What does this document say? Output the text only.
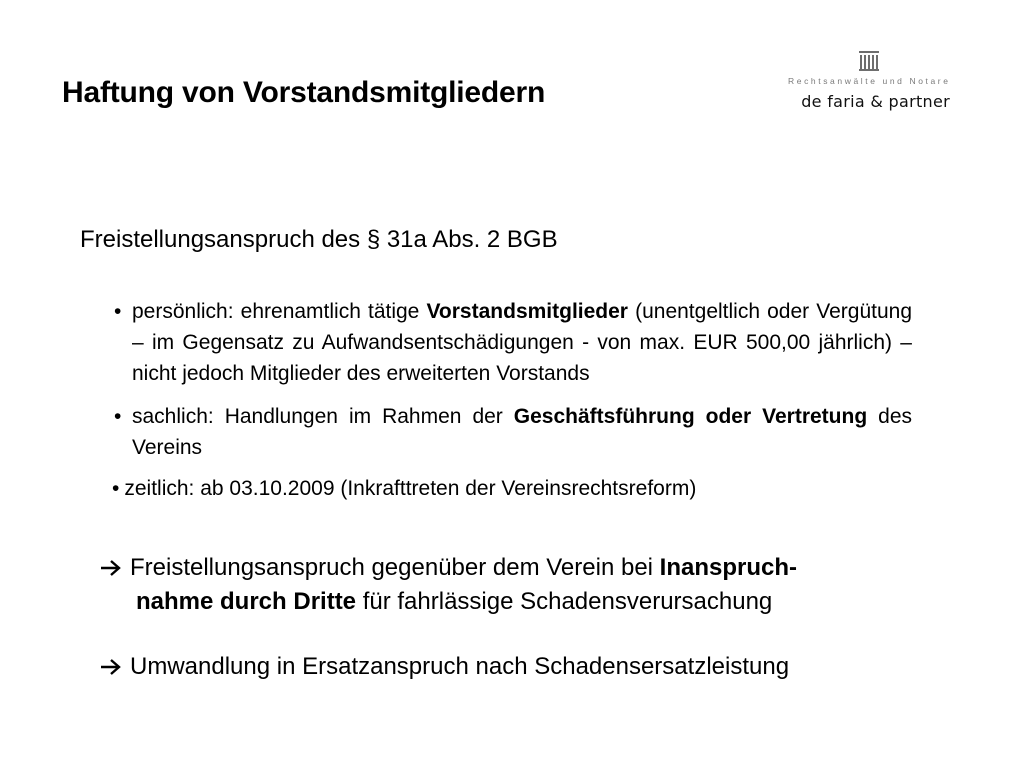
Haftung von Vorstandsmitgliedern	Rechtsanwälte und Notare
de faria & partner
Freistellungsanspruch des § 31a Abs. 2 BGB
• persönlich: ehrenamtlich tätige Vorstandsmitglieder (unentgeltlich oder Vergütung – im Gegensatz zu Aufwandsentschädigungen - von max. EUR 500,00 jährlich) – nicht jedoch Mitglieder des erweiterten Vorstands
• sachlich: Handlungen im Rahmen der Geschäftsführung oder Vertretung des Vereins
• zeitlich: ab 03.10.2009 (Inkrafttreten der Vereinsrechtsreform)
Freistellungsanspruch gegenüber dem Verein bei Inanspruch-
nahme durch Dritte für fahrlässige Schadensverursachung
Umwandlung in Ersatzanspruch nach Schadensersatzleistung
